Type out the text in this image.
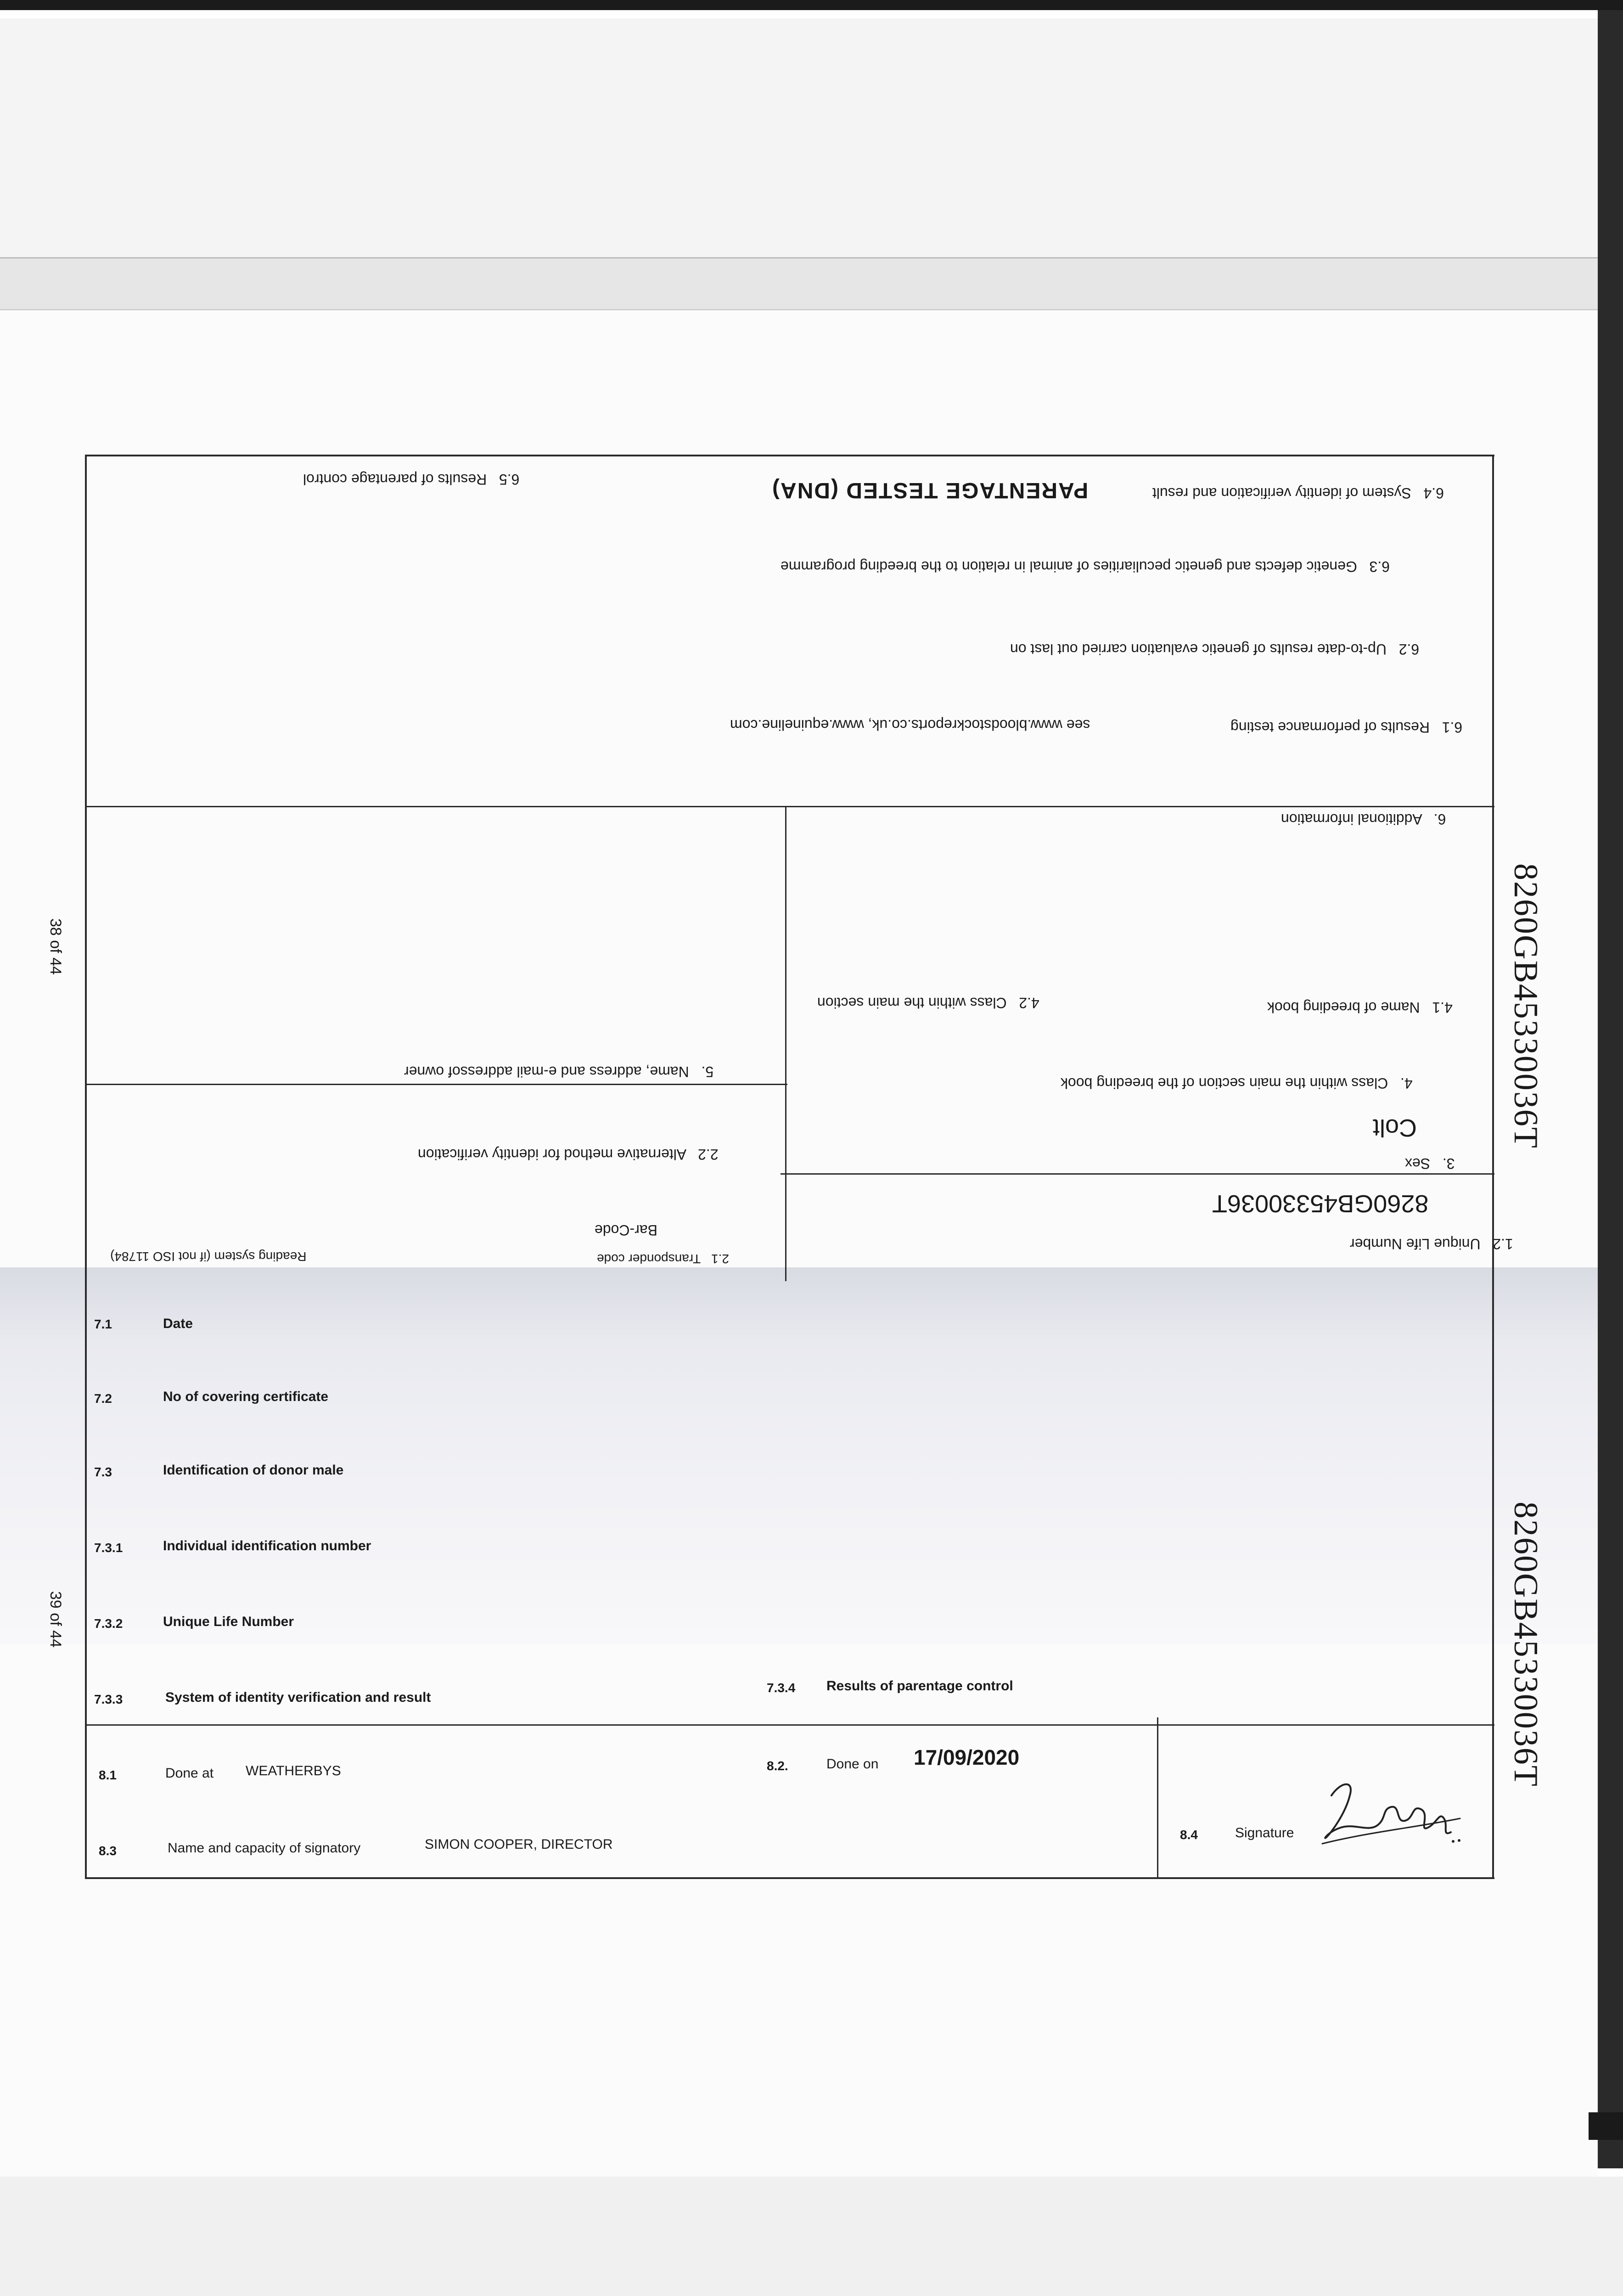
6.4   System of identity verification and result
PARENTAGE TESTED (DNA)
6.5   Results of parentage control
6.3   Genetic defects and genetic peculiarities of animal in relation to the breeding programme
6.2   Up-to-date results of genetic evaluation carried out last on
6.1   Results of performance testing
see www.bloodstockreports.co.uk, www.equineline.com
6.   Additional information
4.1   Name of breeding book
4.2   Class within the main section
4.   Class within the main section of the breeding book
5.   Name, address and e-mail addressof owner
3.   Sex
Colt
2.2   Alternative method for identity verification
1.2   Unique Life Number
8260GB45330036T
Bar-Code
2.1   Transponder code
Reading system (if not ISO 11784)
8260GB45330036T
8260GB45330036T
38 of 44
39 of 44
7.1	Date
7.2	No of covering certificate
7.3	Identification of donor male
7.3.1	Individual identification number
7.3.2	Unique Life Number
7.3.3	System of identity verification and result
7.3.4 Results of parentage control
8.1	Done at WEATHERBYS	8.2.	Done on 17/09/2020
8.3	Name and capacity of signatory	SIMON COOPER, DIRECTOR
8.4	Signature
